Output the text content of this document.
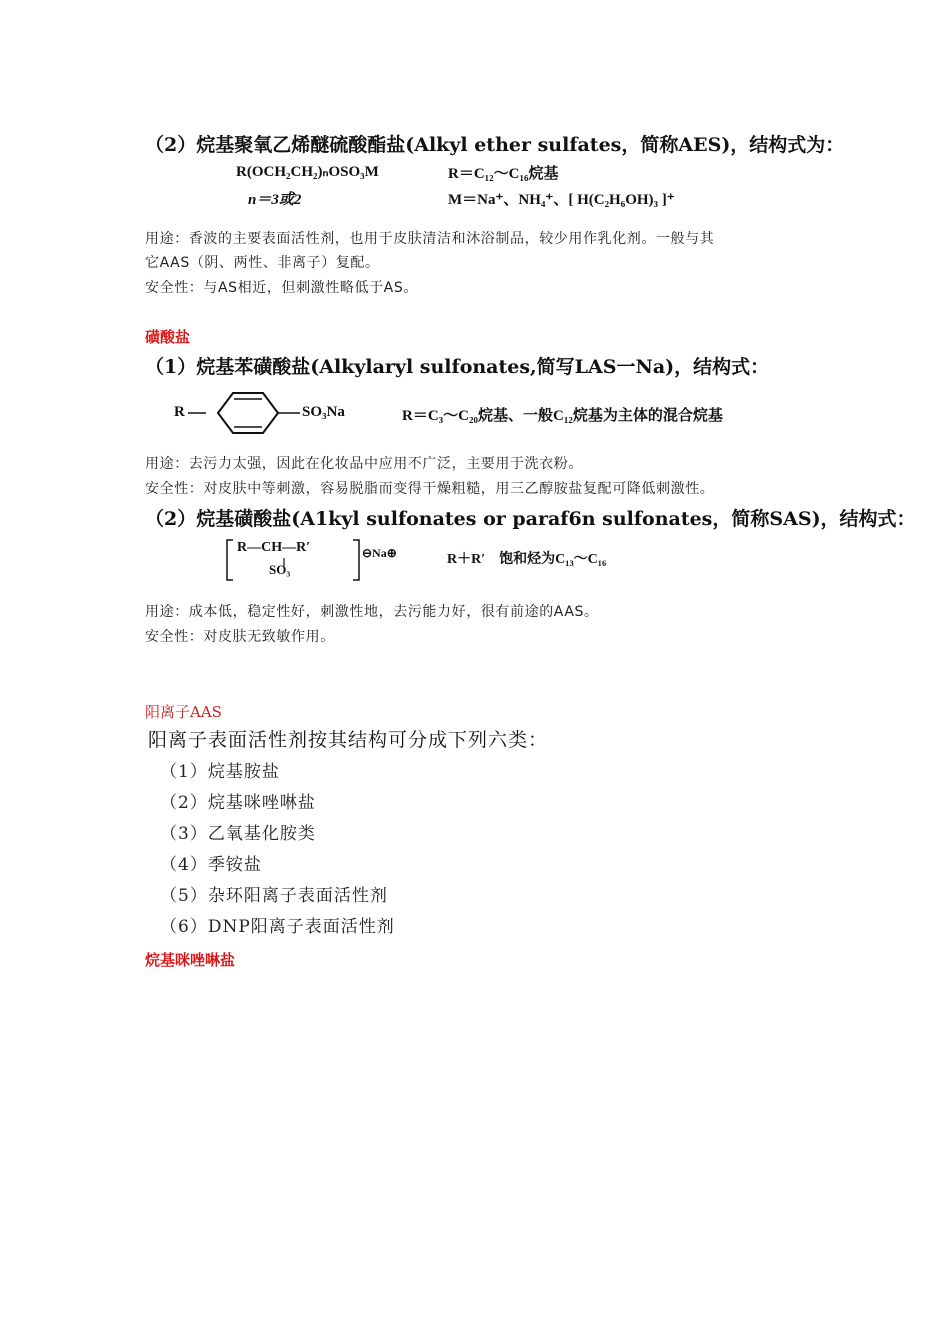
（2）烷基聚氧乙烯醚硫酸酯盐(Alkyl ether sulfates，简称AES)，结构式为：
R(OCH₂CH₂)ₙOSO₃M
n＝3或2
R＝C₁₂～C₁₆烷基
M＝Na⁺、NH₄⁺、[ H(C₂H₆OH)₃ ]⁺
用途：香波的主要表面活性剂，也用于皮肤清洁和沐浴制品，较少用作乳化剂。一般与其
它AAS（阴、两性、非离子）复配。
安全性：与AS相近，但刺激性略低于AS。
磺酸盐
（1）烷基苯磺酸盐(Alkylaryl sulfonates,简写LAS一Na)，结构式：
R	SO₃Na	R＝C₃～C₂₀烷基、一般C₁₂烷基为主体的混合烷基
用途：去污力太强，因此在化妆品中应用不广泛，主要用于洗衣粉。
安全性：对皮肤中等刺激，容易脱脂而变得干燥粗糙，用三乙醇胺盐复配可降低刺激性。
（2）烷基磺酸盐(A1kyl sulfonates or paraf6n sulfonates，简称SAS)，结构式：
R—CH—R′
SO₃
⊖Na⊕	R＋R′　饱和烃为C₁₃～C₁₆
用途：成本低，稳定性好，刺激性地，去污能力好，很有前途的AAS。
安全性：对皮肤无致敏作用。
阳离子AAS
阳离子表面活性剂按其结构可分成下列六类：
（1）烷基胺盐
（2）烷基咪唑啉盐
（3）乙氧基化胺类
（4）季铵盐
（5）杂环阳离子表面活性剂
（6）DNP阳离子表面活性剂
烷基咪唑啉盐
